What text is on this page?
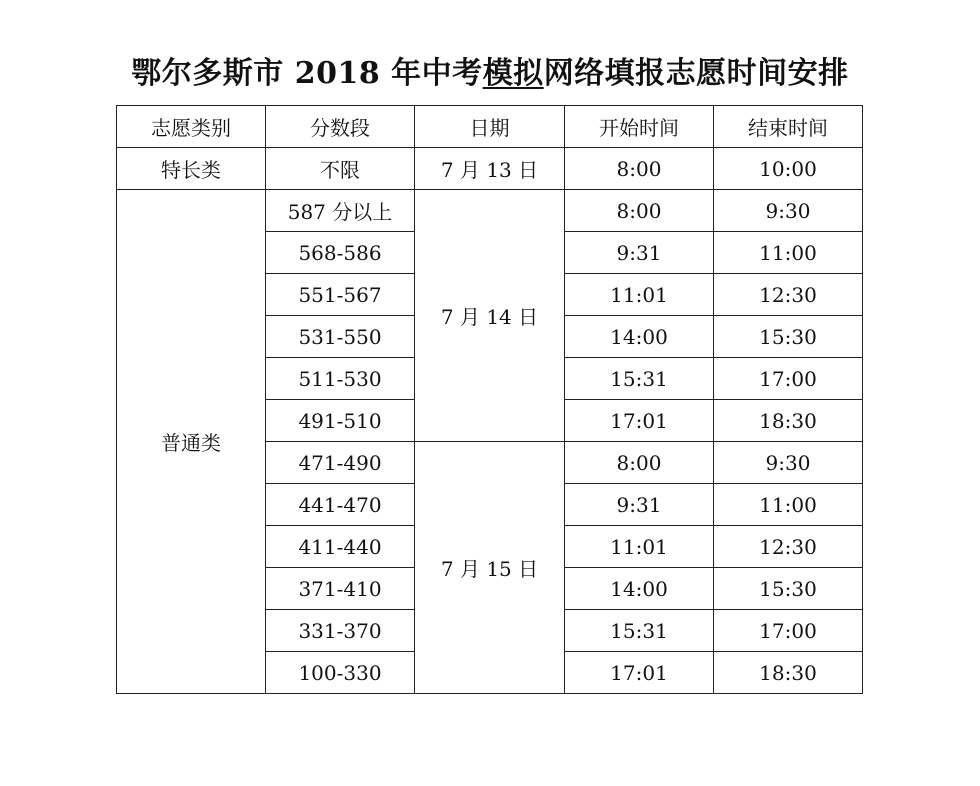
鄂尔多斯市 2018 年中考模拟网络填报志愿时间安排
志愿类别	分数段	日期	开始时间	结束时间
特长类	不限	7 月 13 日	8:00	10:00
普通类	587 分以上	7 月 14 日	8:00	9:30
	568-586		9:31	11:00
	551-567		11:01	12:30
	531-550		14:00	15:30
	511-530		15:31	17:00
	491-510		17:01	18:30
	471-490	7 月 15 日	8:00	9:30
	441-470		9:31	11:00
	411-440		11:01	12:30
	371-410		14:00	15:30
	331-370		15:31	17:00
	100-330		17:01	18:30
